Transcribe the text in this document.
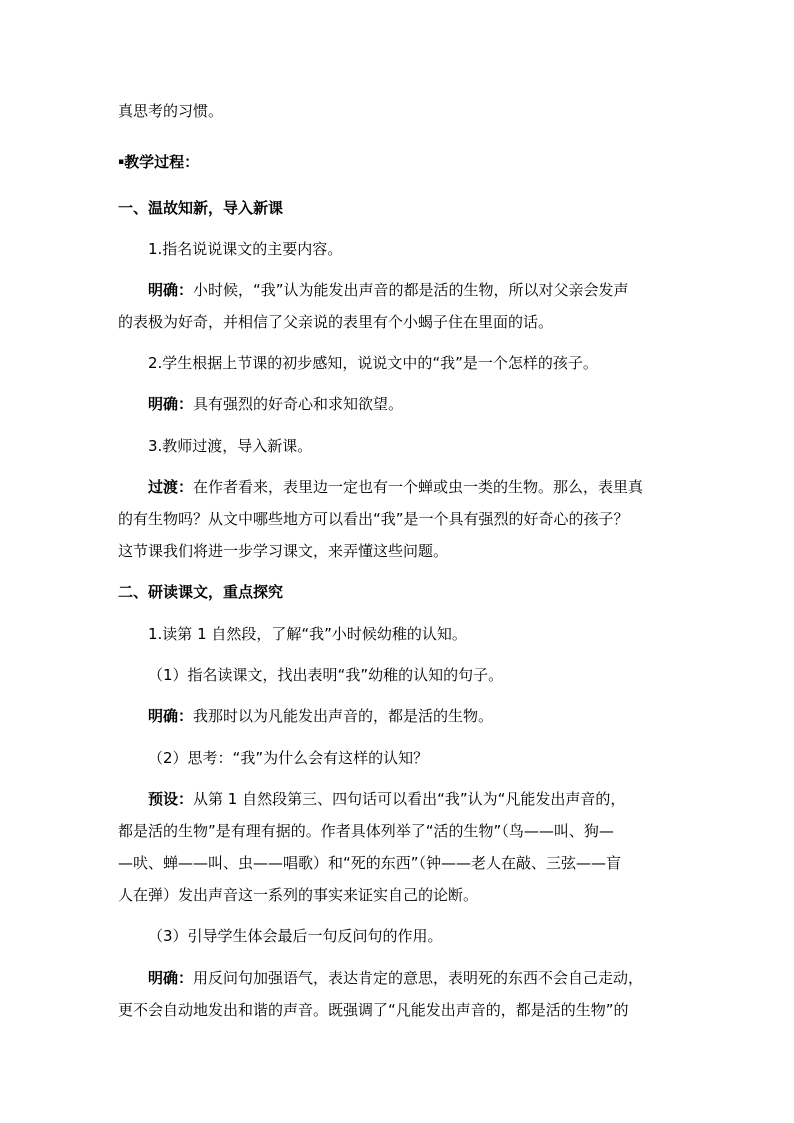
真思考的习惯。
▪教学过程：
一、温故知新，导入新课
1.指名说说课文的主要内容。
明确：小时候，“我”认为能发出声音的都是活的生物，所以对父亲会发声
的表极为好奇，并相信了父亲说的表里有个小蝎子住在里面的话。
2.学生根据上节课的初步感知，说说文中的“我”是一个怎样的孩子。
明确：具有强烈的好奇心和求知欲望。
3.教师过渡，导入新课。
过渡：在作者看来，表里边一定也有一个蝉或虫一类的生物。那么，表里真
的有生物吗？从文中哪些地方可以看出“我”是一个具有强烈的好奇心的孩子？
这节课我们将进一步学习课文，来弄懂这些问题。
二、研读课文，重点探究
1.读第 1 自然段，了解“我”小时候幼稚的认知。
（1）指名读课文，找出表明“我”幼稚的认知的句子。
明确：我那时以为凡能发出声音的，都是活的生物。
（2）思考：“我”为什么会有这样的认知？
预设：从第 1 自然段第三、四句话可以看出“我”认为“凡能发出声音的，
都是活的生物”是有理有据的。作者具体列举了“活的生物”（鸟——叫、狗—
—吠、蝉——叫、虫——唱歌）和“死的东西”（钟——老人在敲、三弦——盲
人在弹）发出声音这一系列的事实来证实自己的论断。
（3）引导学生体会最后一句反问句的作用。
明确：用反问句加强语气，表达肯定的意思，表明死的东西不会自己走动，
更不会自动地发出和谐的声音。既强调了“凡能发出声音的，都是活的生物”的
